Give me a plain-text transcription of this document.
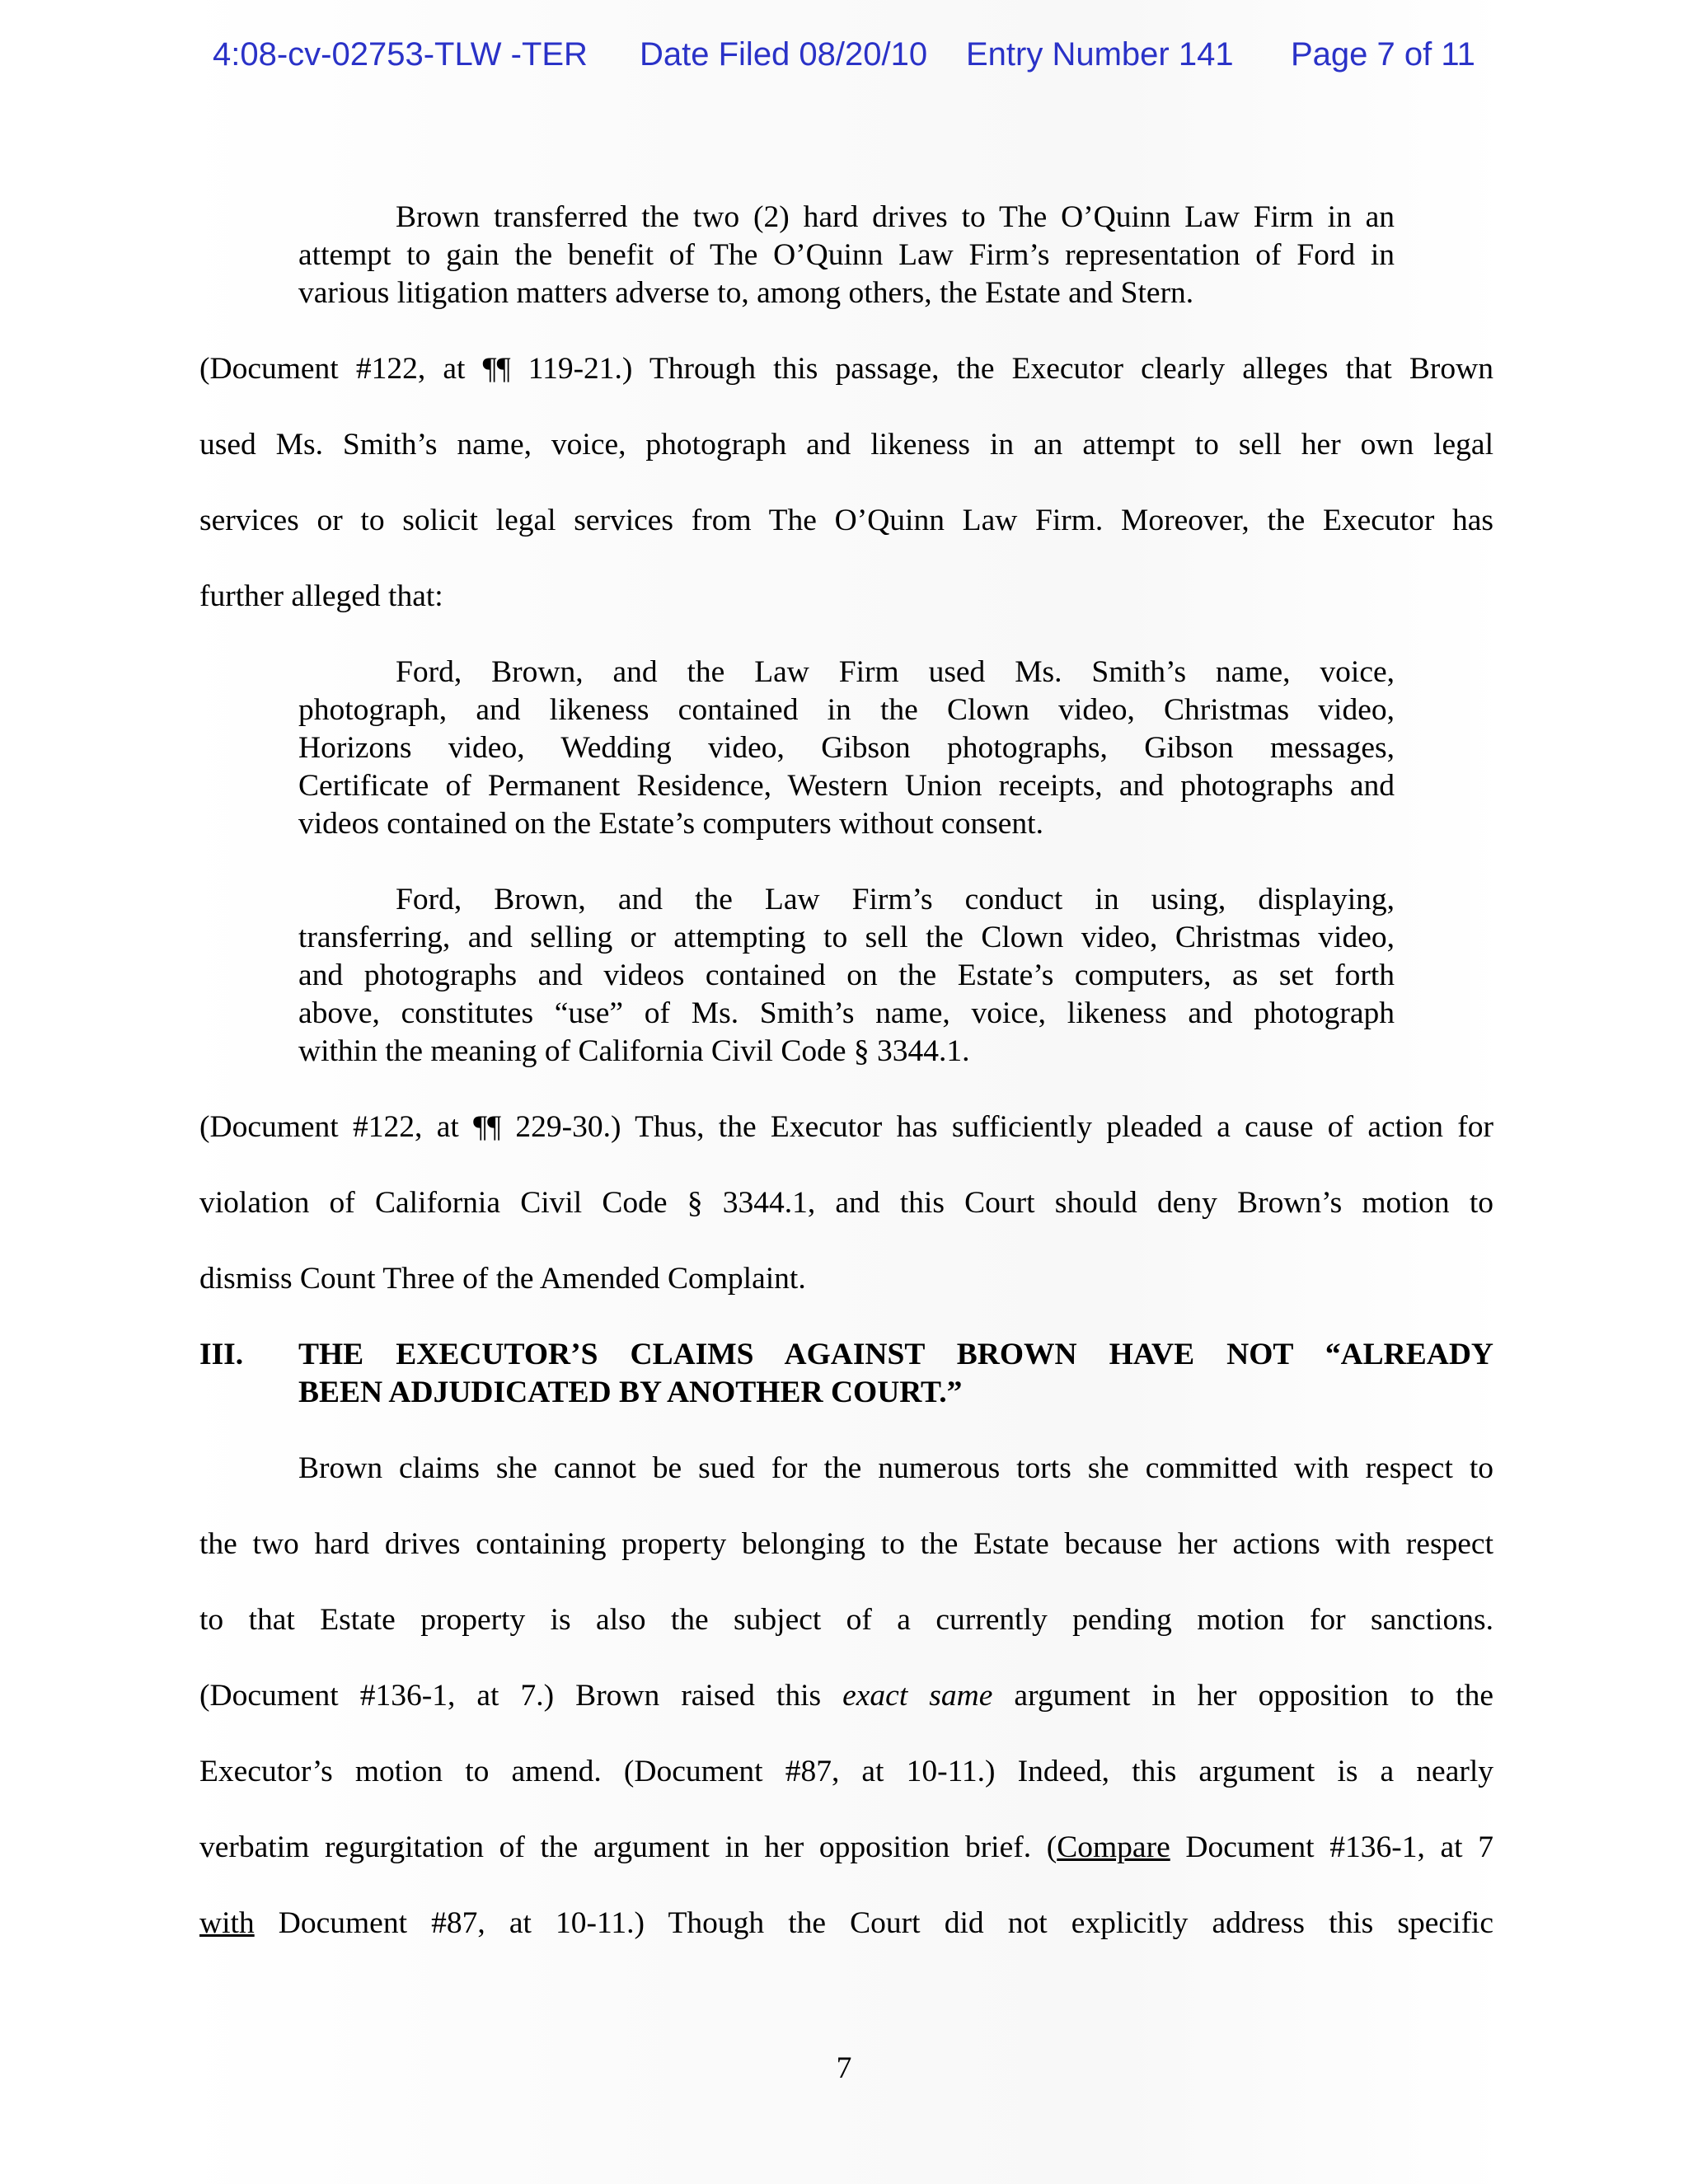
4:08-cv-02753-TLW -TER Date Filed 08/20/10 Entry Number 141 Page 7 of 11
Brown transferred the two (2) hard drives to The O’Quinn Law Firm in an
attempt to gain the benefit of The O’Quinn Law Firm’s representation of Ford in
various litigation matters adverse to, among others, the Estate and Stern.
(Document #122, at ¶¶ 119-21.) Through this passage, the Executor clearly alleges that Brown
used Ms. Smith’s name, voice, photograph and likeness in an attempt to sell her own legal
services or to solicit legal services from The O’Quinn Law Firm. Moreover, the Executor has
further alleged that:
Ford, Brown, and the Law Firm used Ms. Smith’s name, voice,
photograph, and likeness contained in the Clown video, Christmas video,
Horizons video, Wedding video, Gibson photographs, Gibson messages,
Certificate of Permanent Residence, Western Union receipts, and photographs and
videos contained on the Estate’s computers without consent.
Ford, Brown, and the Law Firm’s conduct in using, displaying,
transferring, and selling or attempting to sell the Clown video, Christmas video,
and photographs and videos contained on the Estate’s computers, as set forth
above, constitutes “use” of Ms. Smith’s name, voice, likeness and photograph
within the meaning of California Civil Code § 3344.1.
(Document #122, at ¶¶ 229-30.) Thus, the Executor has sufficiently pleaded a cause of action for
violation of California Civil Code § 3344.1, and this Court should deny Brown’s motion to
dismiss Count Three of the Amended Complaint.
III. THE EXECUTOR’S CLAIMS AGAINST BROWN HAVE NOT “ALREADY
BEEN ADJUDICATED BY ANOTHER COURT.”
Brown claims she cannot be sued for the numerous torts she committed with respect to
the two hard drives containing property belonging to the Estate because her actions with respect
to that Estate property is also the subject of a currently pending motion for sanctions.
(Document #136-1, at 7.) Brown raised this exact same argument in her opposition to the
Executor’s motion to amend. (Document #87, at 10-11.) Indeed, this argument is a nearly
verbatim regurgitation of the argument in her opposition brief. (Compare Document #136-1, at 7
with Document #87, at 10-11.) Though the Court did not explicitly address this specific
7
